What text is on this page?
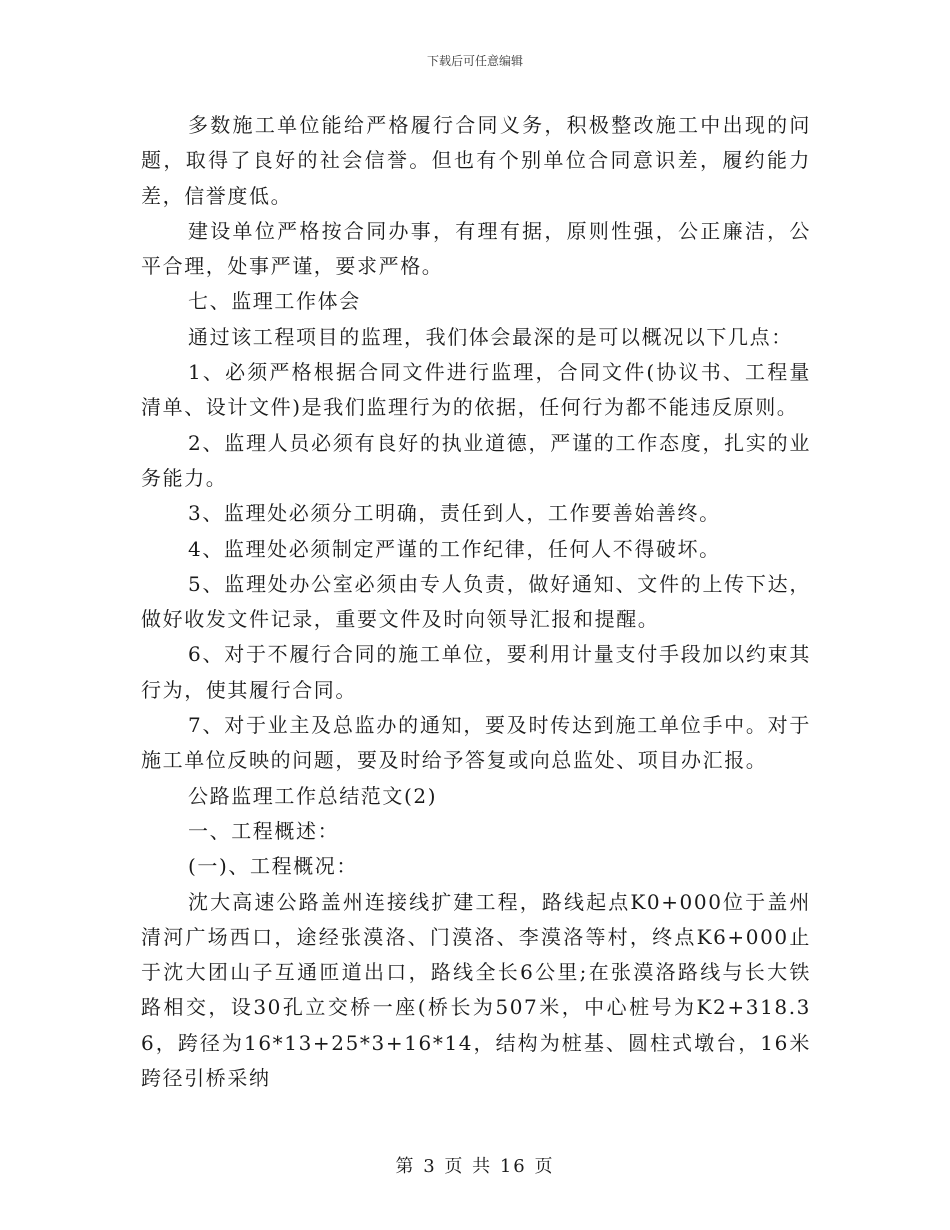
下载后可任意编辑

多数施工单位能给严格履行合同义务，积极整改施工中出现的问题，取得了良好的社会信誉。但也有个别单位合同意识差，履约能力差，信誉度低。

建设单位严格按合同办事，有理有据，原则性强，公正廉洁，公平合理，处事严谨，要求严格。

七、监理工作体会

通过该工程项目的监理，我们体会最深的是可以概况以下几点：

1、必须严格根据合同文件进行监理，合同文件(协议书、工程量清单、设计文件)是我们监理行为的依据，任何行为都不能违反原则。

2、监理人员必须有良好的执业道德，严谨的工作态度，扎实的业务能力。

3、监理处必须分工明确，责任到人，工作要善始善终。

4、监理处必须制定严谨的工作纪律，任何人不得破坏。

5、监理处办公室必须由专人负责，做好通知、文件的上传下达，做好收发文件记录，重要文件及时向领导汇报和提醒。

6、对于不履行合同的施工单位，要利用计量支付手段加以约束其行为，使其履行合同。

7、对于业主及总监办的通知，要及时传达到施工单位手中。对于施工单位反映的问题，要及时给予答复或向总监处、项目办汇报。

公路监理工作总结范文(2)

一、工程概述：

(一)、工程概况：

沈大高速公路盖州连接线扩建工程，路线起点K0+000位于盖州清河广场西口，途经张漠洛、门漠洛、李漠洛等村，终点K6+000止于沈大团山子互通匝道出口，路线全长6公里;在张漠洛路线与长大铁路相交，设30孔立交桥一座(桥长为507米，中心桩号为K2+318.36，跨径为16*13+25*3+16*14，结构为桩基、圆柱式墩台，16米跨径引桥采纳

第 3 页 共 16 页
